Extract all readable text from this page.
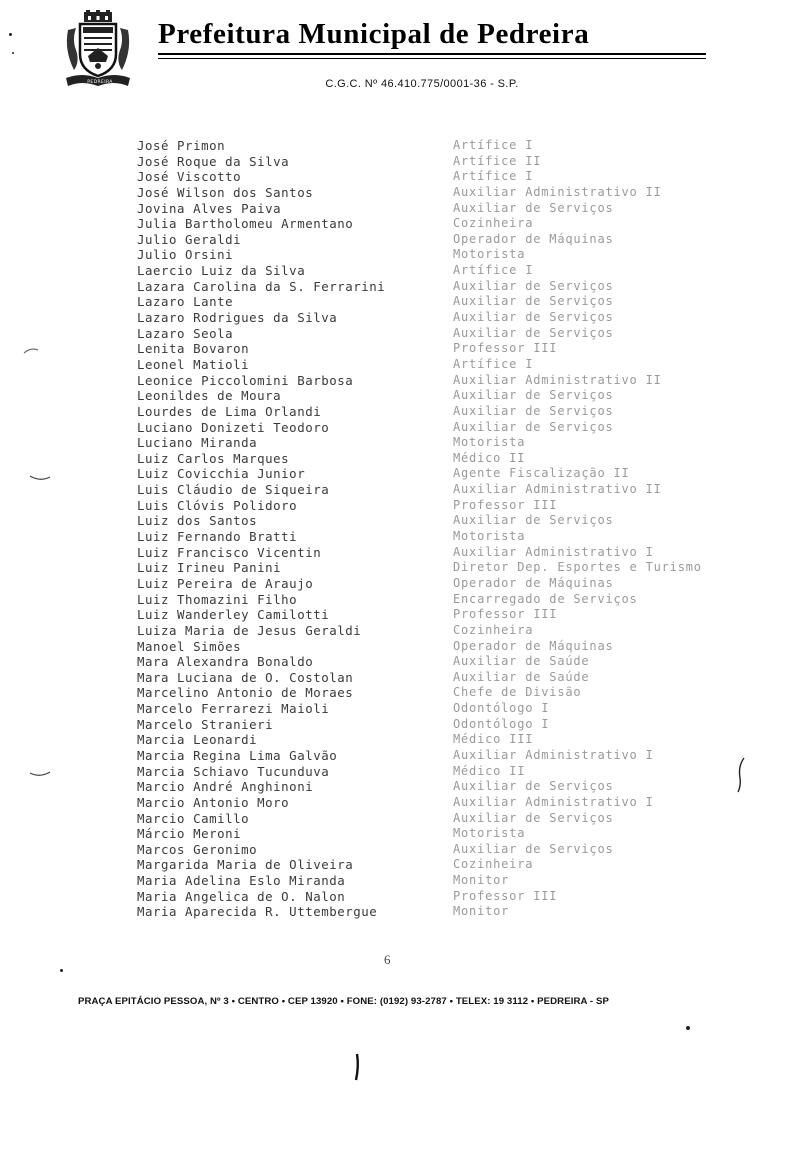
PEDREIRA
Prefeitura Municipal de Pedreira
C.G.C. Nº 46.410.775/0001-36 - S.P.
José Primon	Artífice I
José Roque da Silva	Artífice II
José Viscotto	Artífice I
José Wilson dos Santos	Auxiliar Administrativo II
Jovina Alves Paiva	Auxiliar de Serviços
Julia Bartholomeu Armentano	Cozinheira
Julio Geraldi	Operador de Máquinas
Julio Orsini	Motorista
Laercio Luiz da Silva	Artífice I
Lazara Carolina da S. Ferrarini	Auxiliar de Serviços
Lazaro Lante	Auxiliar de Serviços
Lazaro Rodrigues da Silva	Auxiliar de Serviços
Lazaro Seola	Auxiliar de Serviços
Lenita Bovaron	Professor III
Leonel Matioli	Artífice I
Leonice Piccolomini Barbosa	Auxiliar Administrativo II
Leonildes de Moura	Auxiliar de Serviços
Lourdes de Lima Orlandi	Auxiliar de Serviços
Luciano Donizeti Teodoro	Auxiliar de Serviços
Luciano Miranda	Motorista
Luiz Carlos Marques	Médico II
Luiz Covicchia Junior	Agente Fiscalização II
Luis Cláudio de Siqueira	Auxiliar Administrativo II
Luis Clóvis Polidoro	Professor III
Luiz dos Santos	Auxiliar de Serviços
Luiz Fernando Bratti	Motorista
Luiz Francisco Vicentin	Auxiliar Administrativo I
Luiz Irineu Panini	Diretor Dep. Esportes e Turismo
Luiz Pereira de Araujo	Operador de Máquinas
Luiz Thomazini Filho	Encarregado de Serviços
Luiz Wanderley Camilotti	Professor III
Luiza Maria de Jesus Geraldi	Cozinheira
Manoel Simões	Operador de Máquinas
Mara Alexandra Bonaldo	Auxiliar de Saúde
Mara Luciana de O. Costolan	Auxiliar de Saúde
Marcelino Antonio de Moraes	Chefe de Divisão
Marcelo Ferrarezi Maioli	Odontólogo I
Marcelo Stranieri	Odontólogo I
Marcia Leonardi	Médico III
Marcia Regina Lima Galvão	Auxiliar Administrativo I
Marcia Schiavo Tucunduva	Médico II
Marcio André Anghinoni	Auxiliar de Serviços
Marcio Antonio Moro	Auxiliar Administrativo I
Marcio Camillo	Auxiliar de Serviços
Márcio Meroni	Motorista
Marcos Geronimo	Auxiliar de Serviços
Margarida Maria de Oliveira	Cozinheira
Maria Adelina Eslo Miranda	Monitor
Maria Angelica de O. Nalon	Professor III
Maria Aparecida R. Uttembergue	Monitor
6
PRAÇA EPITÁCIO PESSOA, Nº 3 • CENTRO • CEP 13920 • FONE: (0192) 93-2787 • TELEX: 19 3112 • PEDREIRA - SP
